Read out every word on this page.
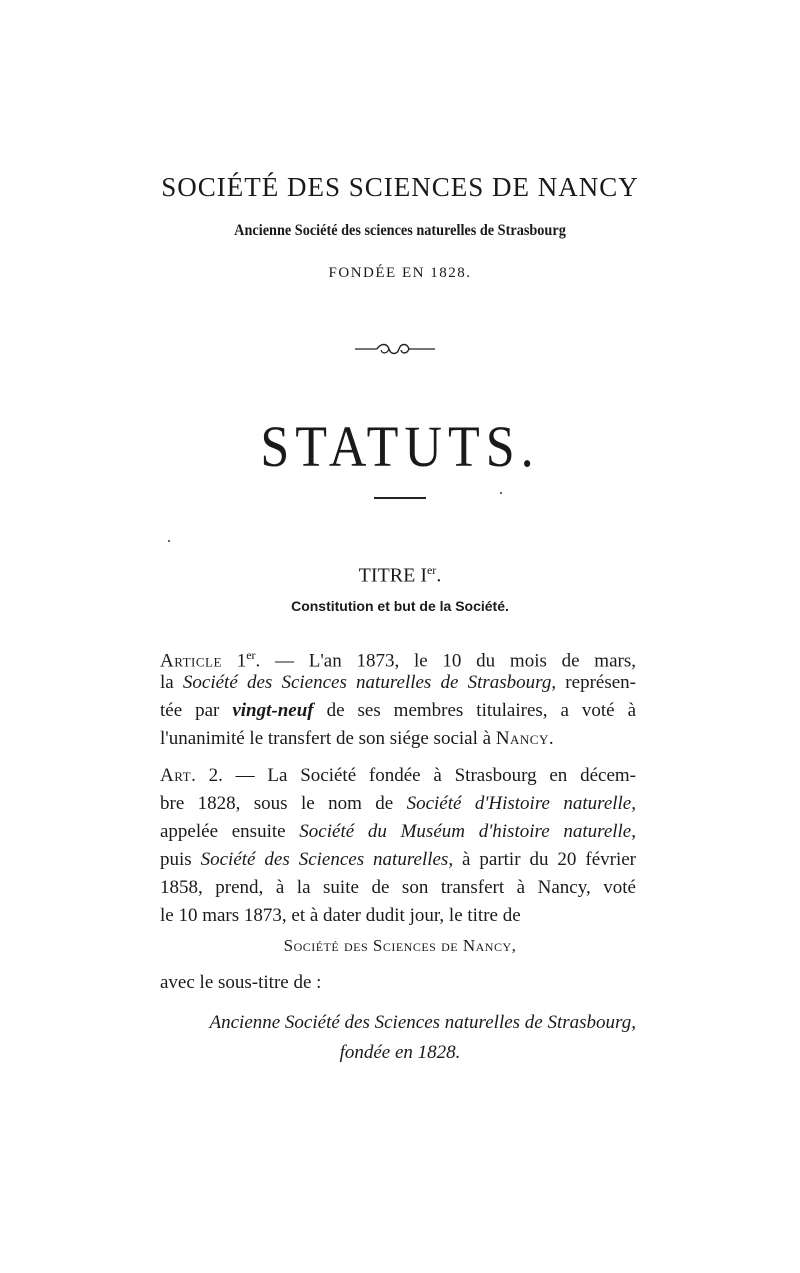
SOCIÉTÉ DES SCIENCES DE NANCY
Ancienne Société des sciences naturelles de Strasbourg
FONDÉE EN 1828.
STATUTS.
TITRE Ier.
Constitution et but de la Société.
Article 1er. — L'an 1873, le 10 du mois de mars,
la Société des Sciences naturelles de Strasbourg, représen-
tée par vingt-neuf de ses membres titulaires, a voté à
l'unanimité le transfert de son siége social à Nancy.
Art. 2. — La Société fondée à Strasbourg en décem-
bre 1828, sous le nom de Société d'Histoire naturelle,
appelée ensuite Société du Muséum d'histoire naturelle,
puis Société des Sciences naturelles, à partir du 20 février
1858, prend, à la suite de son transfert à Nancy, voté
le 10 mars 1873, et à dater dudit jour, le titre de
Société des Sciences de Nancy,
avec le sous-titre de :
Ancienne Société des Sciences naturelles de Strasbourg,
fondée en 1828.
